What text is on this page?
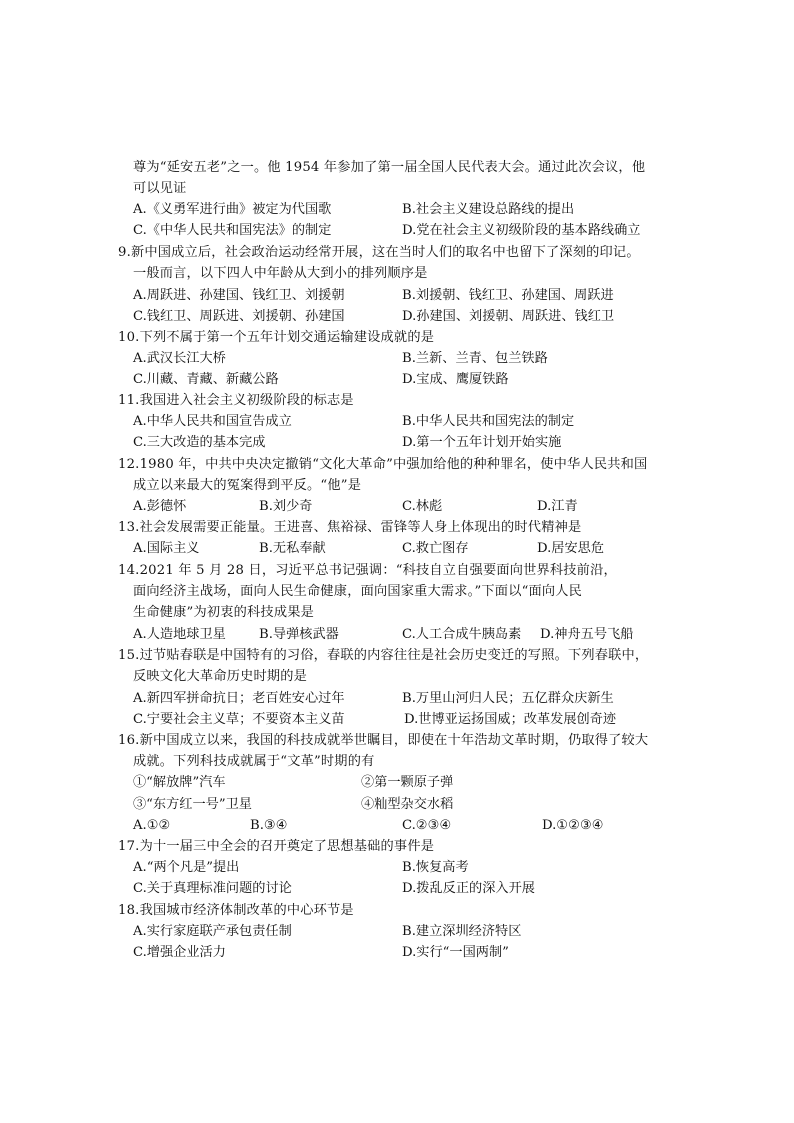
尊为“延安五老”之一。他 1954 年参加了第一届全国人民代表大会。通过此次会议，他
可以见证
A.《义勇军进行曲》被定为代国歌	B.社会主义建设总路线的提出
C.《中华人民共和国宪法》的制定	D.党在社会主义初级阶段的基本路线确立
9.新中国成立后，社会政治运动经常开展，这在当时人们的取名中也留下了深刻的印记。
一般而言，以下四人中年龄从大到小的排列顺序是
A.周跃进、孙建国、钱红卫、刘援朝	B.刘援朝、钱红卫、孙建国、周跃进
C.钱红卫、周跃进、刘援朝、孙建国	D.孙建国、刘援朝、周跃进、钱红卫
10.下列不属于第一个五年计划交通运输建设成就的是
A.武汉长江大桥	B.兰新、兰青、包兰铁路
C.川藏、青藏、新藏公路	D.宝成、鹰厦铁路
11.我国进入社会主义初级阶段的标志是
A.中华人民共和国宣告成立	B.中华人民共和国宪法的制定
C.三大改造的基本完成	D.第一个五年计划开始实施
12.1980 年，中共中央决定撤销“文化大革命”中强加给他的种种罪名，使中华人民共和国
成立以来最大的冤案得到平反。“他”是
A.彭德怀	B.刘少奇	C.林彪	D.江青
13.社会发展需要正能量。王进喜、焦裕禄、雷锋等人身上体现出的时代精神是
A.国际主义	B.无私奉献	C.救亡图存	D.居安思危
14.2021 年 5 月 28 日，习近平总书记强调：“科技自立自强要面向世界科技前沿，
面向经济主战场，面向人民生命健康，面向国家重大需求。”下面以“面向人民
生命健康”为初衷的科技成果是
A.人造地球卫星	B.导弹核武器	C.人工合成牛胰岛素 D.神舟五号飞船
15.过节贴春联是中国特有的习俗，春联的内容往往是社会历史变迁的写照。下列春联中，
反映文化大革命历史时期的是
A.新四军拼命抗日；老百姓安心过年	B.万里山河归人民；五亿群众庆新生
C.宁要社会主义草；不要资本主义苗	D.世博亚运扬国威；改革发展创奇迹
16.新中国成立以来，我国的科技成就举世瞩目，即使在十年浩劫文革时期，仍取得了较大
成就。下列科技成就属于“文革”时期的有
①“解放牌”汽车	②第一颗原子弹
③“东方红一号”卫星	④籼型杂交水稻
A.①②	B.③④	C.②③④	D.①②③④
17.为十一届三中全会的召开奠定了思想基础的事件是
A.“两个凡是”提出	B.恢复高考
C.关于真理标准问题的讨论	D.拨乱反正的深入开展
18.我国城市经济体制改革的中心环节是
A.实行家庭联产承包责任制	B.建立深圳经济特区
C.增强企业活力	D.实行“一国两制”
